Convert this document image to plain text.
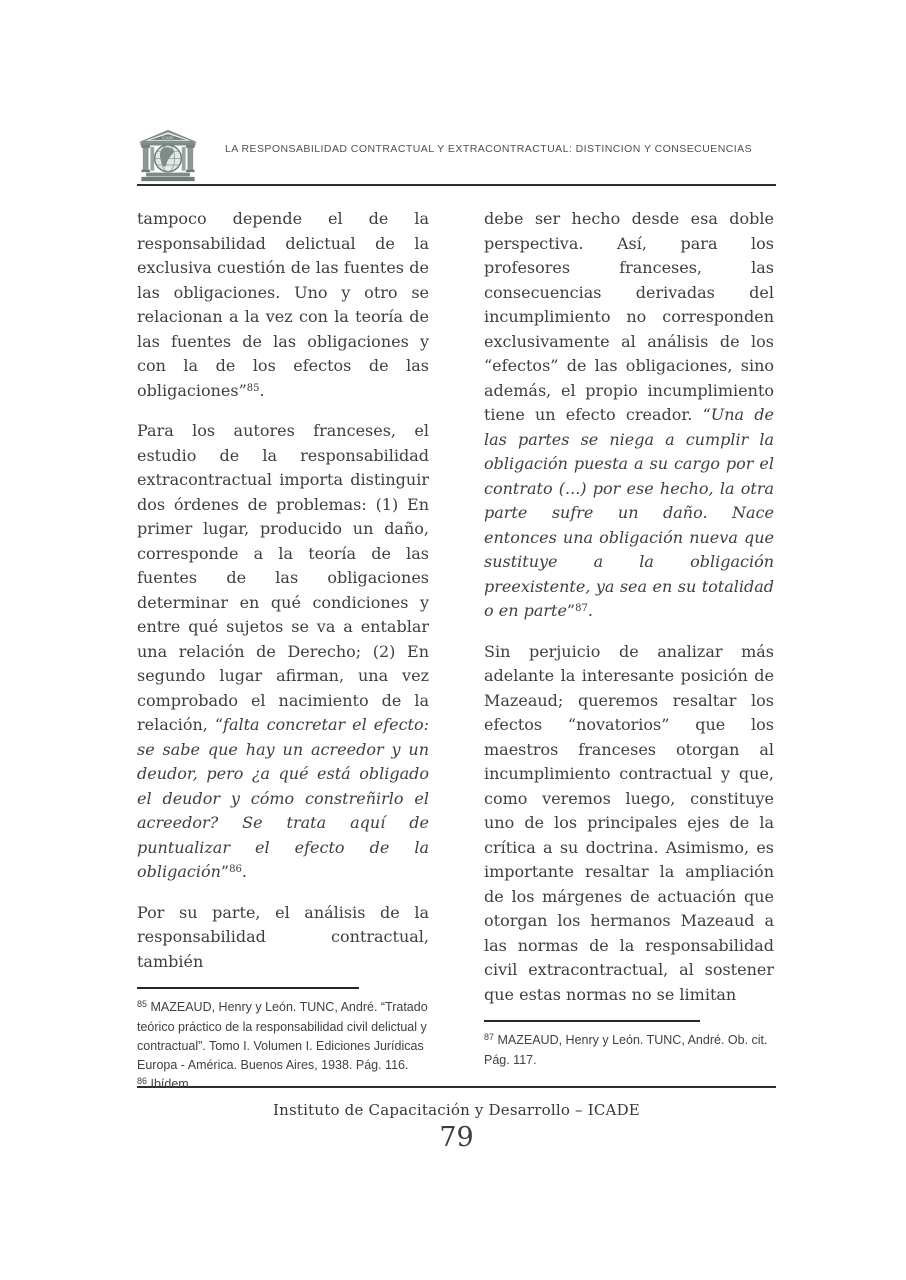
ICADE
LA RESPONSABILIDAD CONTRACTUAL Y EXTRACONTRACTUAL: DISTINCION Y CONSECUENCIAS

tampoco depende el de la responsabilidad delictual de la exclusiva cuestión de las fuentes de las obligaciones. Uno y otro se relacionan a la vez con la teoría de las fuentes de las obligaciones y con la de los efectos de las obligaciones”$^{85}$.

Para los autores franceses, el estudio de la responsabilidad extracontractual importa distinguir dos órdenes de problemas: (1) En primer lugar, producido un daño, corresponde a la teoría de las fuentes de las obligaciones determinar en qué condiciones y entre qué sujetos se va a entablar una relación de Derecho; (2) En segundo lugar afirman, una vez comprobado el nacimiento de la relación, “falta concretar el efecto: se sabe que hay un acreedor y un deudor, pero ¿a qué está obligado el deudor y cómo constreñirlo el acreedor? Se trata aquí de puntualizar el efecto de la obligación”$^{86}$.

Por su parte, el análisis de la responsabilidad contractual, también

$^{85}$ MAZEAUD, Henry y León. TUNC, André. “Tratado teórico práctico de la responsabilidad civil delictual y contractual”. Tomo I. Volumen I. Ediciones Jurídicas Europa - América. Buenos Aires, 1938. Pág. 116.

$^{86}$ Ibídem

debe ser hecho desde esa doble perspectiva. Así, para los profesores franceses, las consecuencias derivadas del incumplimiento no corresponden exclusivamente al análisis de los “efectos” de las obligaciones, sino además, el propio incumplimiento tiene un efecto creador. “Una de las partes se niega a cumplir la obligación puesta a su cargo por el contrato (...) por ese hecho, la otra parte sufre un daño. Nace entonces una obligación nueva que sustituye a la obligación preexistente, ya sea en su totalidad o en parte”$^{87}$.

Sin perjuicio de analizar más adelante la interesante posición de Mazeaud; queremos resaltar los efectos “novatorios” que los maestros franceses otorgan al incumplimiento contractual y que, como veremos luego, constituye uno de los principales ejes de la crítica a su doctrina. Asimismo, es importante resaltar la ampliación de los márgenes de actuación que otorgan los hermanos Mazeaud a las normas de la responsabilidad civil extracontractual, al sostener que estas normas no se limitan

$^{87}$ MAZEAUD, Henry y León. TUNC, André. Ob. cit. Pág. 117.

Instituto de Capacitación y Desarrollo – ICADE
79
